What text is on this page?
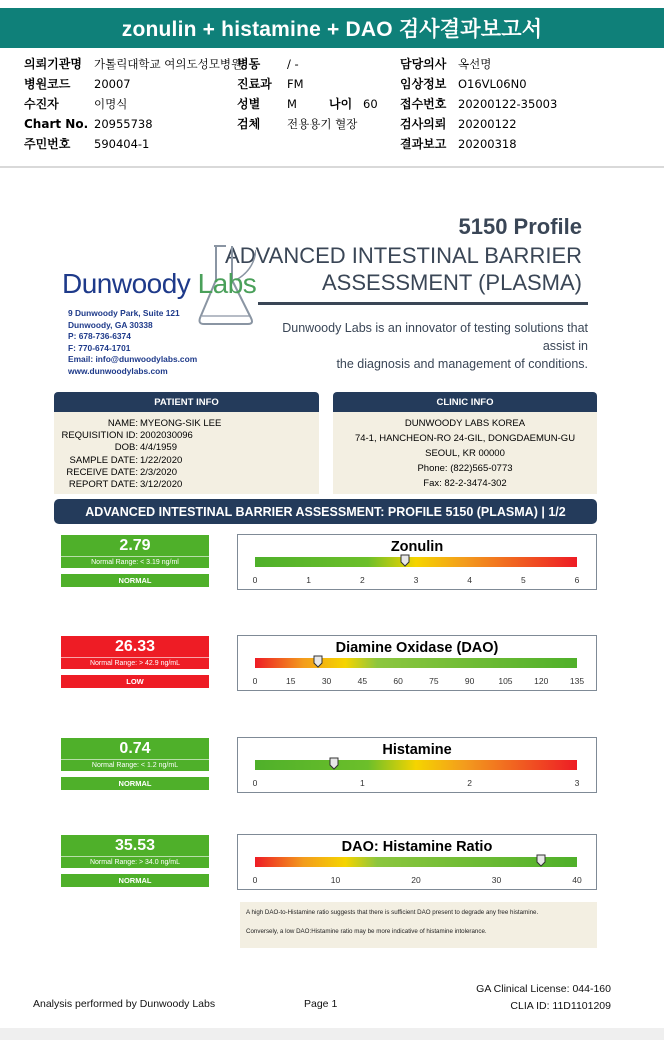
zonulin + histamine + DAO 검사결과보고서
의뢰기관명 가톨릭대학교 여의도성모병원
병원코드 20007
수진자	이명식
Chart No. 20955738
주민번호 590404-1
병동 / -
진료과 FM
성별 M	나이 60
검체 전용용기 혈장
담당의사 옥선명
임상정보 O16VL06N0
접수번호 20200122-35003
검사의뢰 20200122
결과보고 20200318
5150 Profile
ADVANCED INTESTINAL BARRIER
ASSESSMENT (PLASMA)
Dunwoody Labs is an innovator of testing solutions that assist in
the diagnosis and management of conditions.
Dunwoody Labs
9 Dunwoody Park, Suite 121
Dunwoody, GA 30338
P: 678-736-6374
F: 770-674-1701
Email: info@dunwoodylabs.com
www.dunwoodylabs.com
PATIENT INFO
NAME: MYEONG-SIK LEE
REQUISITION ID: 2002030096
DOB: 4/4/1959
SAMPLE DATE: 1/22/2020
RECEIVE DATE: 2/3/2020
REPORT DATE: 3/12/2020
CLINIC INFO
DUNWOODY LABS KOREA
74-1, HANCHEON-RO 24-GIL, DONGDAEMUN-GU
SEOUL, KR 00000
Phone: (822)565-0773
Fax: 82-2-3474-302
ADVANCED INTESTINAL BARRIER ASSESSMENT: PROFILE 5150 (PLASMA) | 1/2
2.79
Normal Range: < 3.19 ng/ml
NORMAL
Zonulin
0	1	2	3	4	5	6
26.33
Normal Range: > 42.9 ng/mL
LOW
Diamine Oxidase (DAO)
0	15	30	45	60	75	90	105	120	135
0.74
Normal Range: < 1.2 ng/mL
NORMAL
Histamine
0	1	2	3
35.53
Normal Range: > 34.0 ng/mL
NORMAL
DAO: Histamine Ratio
0	10	20	30	40

A high DAO-to-Histamine ratio suggests that there is sufficient DAO present to degrade any free histamine.

Conversely, a low DAO:Histamine ratio may be more indicative of histamine intolerance.

Analysis performed by Dunwoody Labs	Page 1
GA Clinical License: 044-160
CLIA ID: 11D1101209
